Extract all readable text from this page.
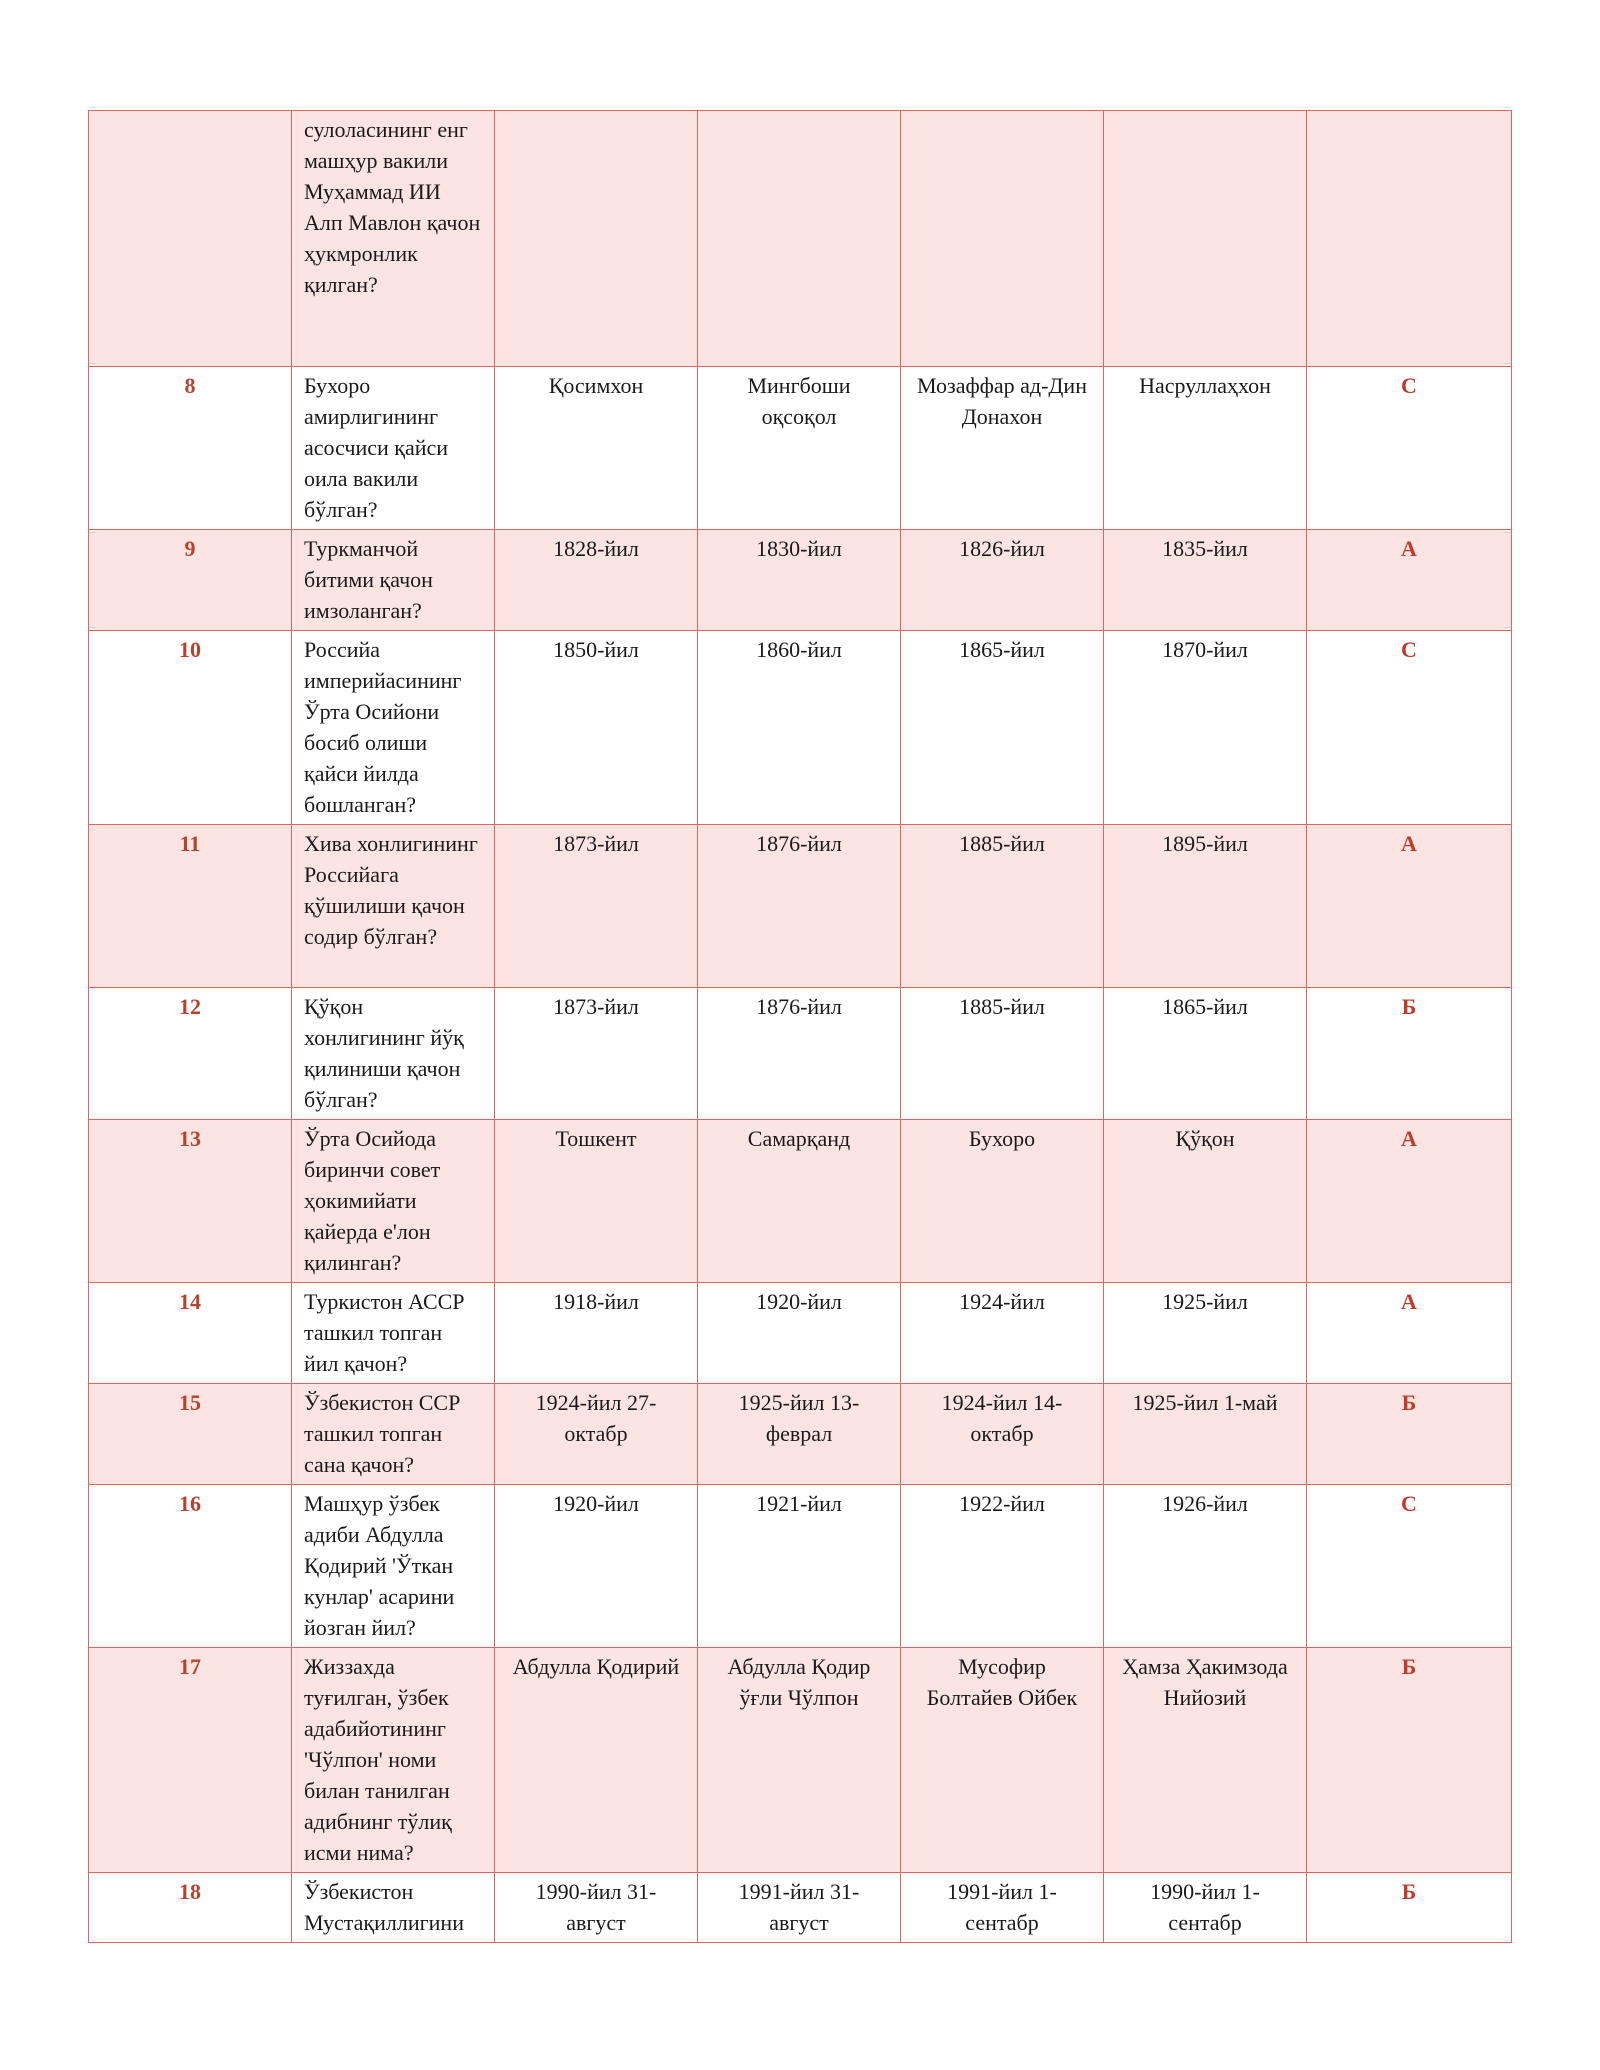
	сулоласининг енг машҳур вакили Муҳаммад ИИ Алп Мавлон қачон ҳукмронлик қилган?					
8	Бухоро амирлигининг асосчиси қайси оила вакили бўлган?	Қосимхон	Мингбоши оқсоқол	Мозаффар ад-Дин Донахон	Насруллаҳхон	С
9	Туркманчой битими қачон имзоланган?	1828-йил	1830-йил	1826-йил	1835-йил	А
10	Российа империйасининг Ўрта Осийони босиб олиши қайси йилда бошланган?	1850-йил	1860-йил	1865-йил	1870-йил	С
11	Хива хонлигининг Российага қўшилиши қачон содир бўлган?	1873-йил	1876-йил	1885-йил	1895-йил	А
12	Қўқон хонлигининг йўқ қилиниши қачон бўлган?	1873-йил	1876-йил	1885-йил	1865-йил	Б
13	Ўрта Осийода биринчи совет ҳокимийати қайерда е'лон қилинган?	Тошкент	Самарқанд	Бухоро	Қўқон	А
14	Туркистон АССР ташкил топган йил қачон?	1918-йил	1920-йил	1924-йил	1925-йил	А
15	Ўзбекистон ССР ташкил топган сана қачон?	1924-йил 27-октабр	1925-йил 13-феврал	1924-йил 14-октабр	1925-йил 1-май	Б
16	Машҳур ўзбек адиби Абдулла Қодирий 'Ўткан кунлар' асарини йозган йил?	1920-йил	1921-йил	1922-йил	1926-йил	С
17	Жиззахда туғилган, ўзбек адабийотининг 'Чўлпон' номи билан танилган адибнинг тўлиқ исми нима?	Абдулла Қодирий	Абдулла Қодир ўғли Чўлпон	Мусофир Болтайев Ойбек	Ҳамза Ҳакимзода Нийозий	Б
18	Ўзбекистон Мустақиллигини	1990-йил 31-август	1991-йил 31-август	1991-йил 1-сентабр	1990-йил 1-сентабр	Б
